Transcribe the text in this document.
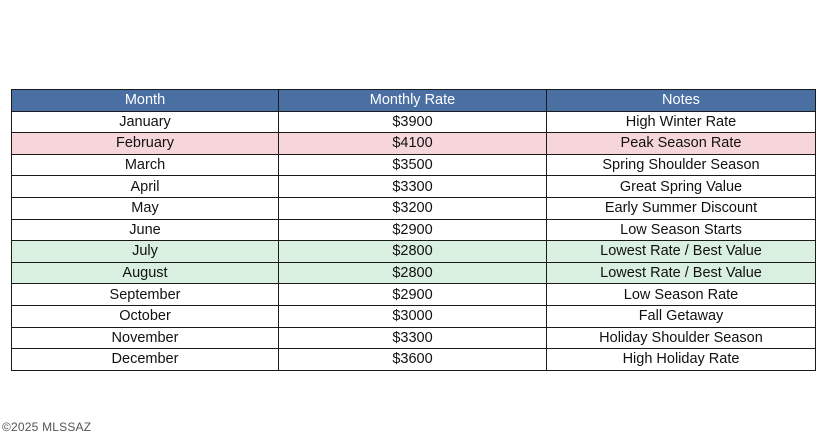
Month	Monthly Rate	Notes
January	$3900	High Winter Rate
February	$4100	Peak Season Rate
March	$3500	Spring Shoulder Season
April	$3300	Great Spring Value
May	$3200	Early Summer Discount
June	$2900	Low Season Starts
July	$2800	Lowest Rate / Best Value
August	$2800	Lowest Rate / Best Value
September	$2900	Low Season Rate
October	$3000	Fall Getaway
November	$3300	Holiday Shoulder Season
December	$3600	High Holiday Rate
©2025 MLSSAZ
